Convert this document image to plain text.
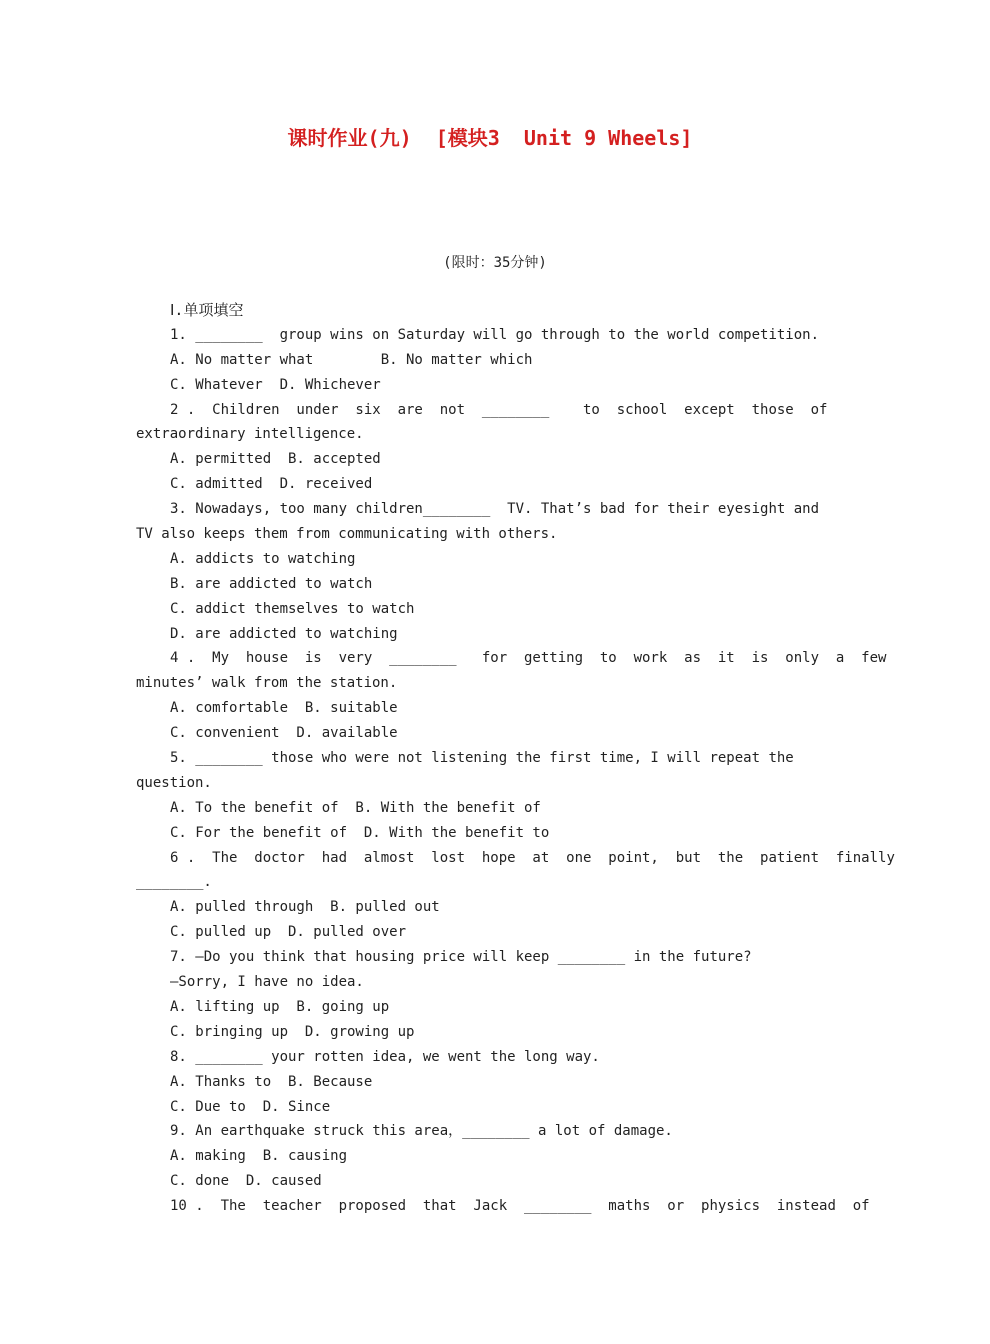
课时作业(九)  [模块3  Unit 9 Wheels]
(限时：35分钟)
Ⅰ.单项填空
1. ________  group wins on Saturday will go through to the world competition.
A. No matter what        B. No matter which
C. Whatever  D. Whichever
2 .  Children  under  six  are  not  ________    to  school  except  those  of
extraordinary intelligence.
A. permitted  B. accepted
C. admitted  D. received
3. Nowadays, too many children________  TV. That’s bad for their eyesight and
TV also keeps them from communicating with others.
A. addicts to watching
B. are addicted to watch
C. addict themselves to watch
D. are addicted to watching
4 .  My  house  is  very  ________   for  getting  to  work  as  it  is  only  a  few
minutes’ walk from the station.
A. comfortable  B. suitable
C. convenient  D. available
5. ________ those who were not listening the first time, I will repeat the
question.
A. To the benefit of  B. With the benefit of
C. For the benefit of  D. With the benefit to
6 .  The  doctor  had  almost  lost  hope  at  one  point,  but  the  patient  finally
________.
A. pulled through  B. pulled out
C. pulled up  D. pulled over
7. —Do you think that housing price will keep ________ in the future?
—Sorry, I have no idea.
A. lifting up  B. going up
C. bringing up  D. growing up
8. ________ your rotten idea, we went the long way.
A. Thanks to  B. Because
C. Due to  D. Since
9. An earthquake struck this area，________ a lot of damage.
A. making  B. causing
C. done  D. caused
10 .  The  teacher  proposed  that  Jack  ________  maths  or  physics  instead  of
